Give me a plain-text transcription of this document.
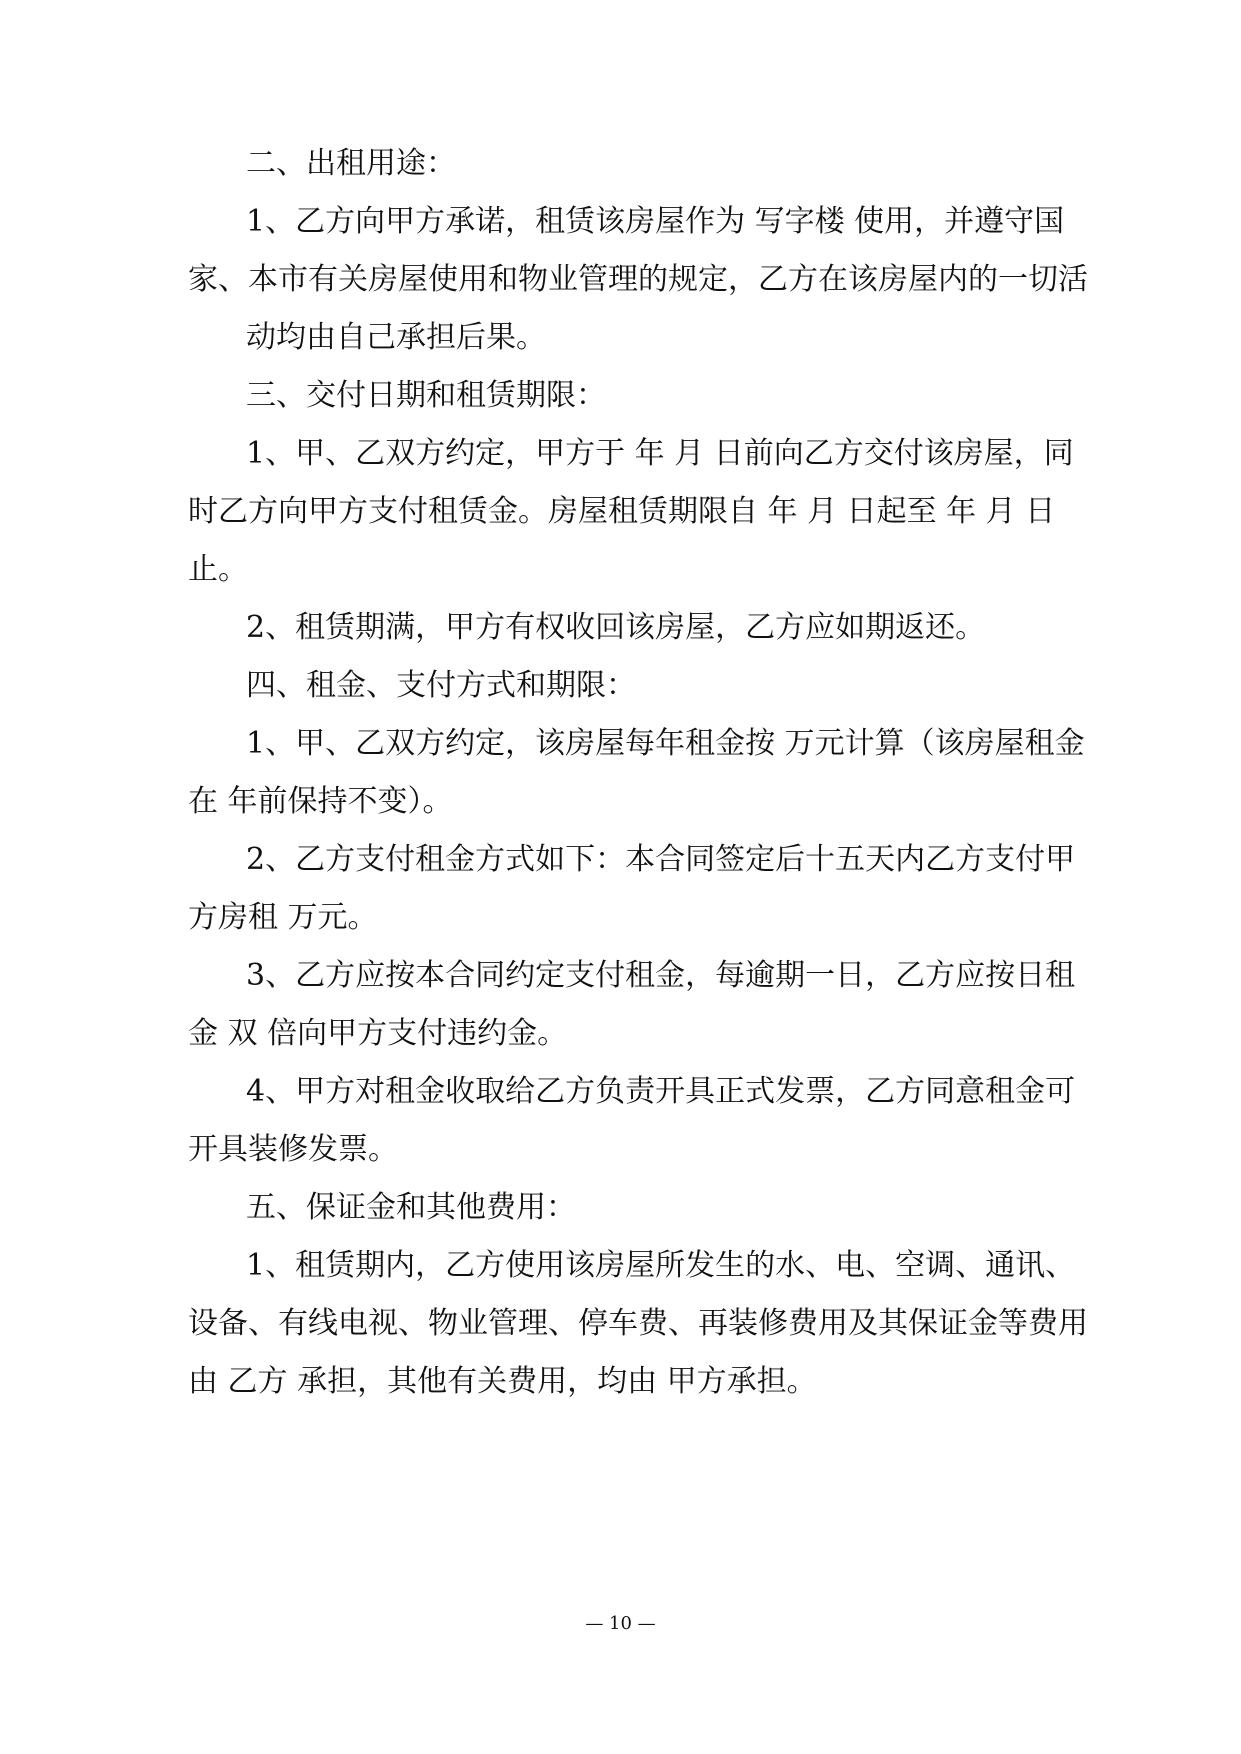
二、出租用途：
1、乙方向甲方承诺，租赁该房屋作为 写字楼 使用，并遵守国
家、本市有关房屋使用和物业管理的规定，乙方在该房屋内的一切活
动均由自己承担后果。
三、交付日期和租赁期限：
1、甲、乙双方约定，甲方于 年 月 日前向乙方交付该房屋，同
时乙方向甲方支付租赁金。房屋租赁期限自 年 月 日起至 年 月 日
止。
2、租赁期满，甲方有权收回该房屋，乙方应如期返还。
四、租金、支付方式和期限：
1、甲、乙双方约定，该房屋每年租金按 万元计算（该房屋租金
在 年前保持不变）。
2、乙方支付租金方式如下：本合同签定后十五天内乙方支付甲
方房租 万元。
3、乙方应按本合同约定支付租金，每逾期一日，乙方应按日租
金 双 倍向甲方支付违约金。
4、甲方对租金收取给乙方负责开具正式发票，乙方同意租金可
开具装修发票。
五、保证金和其他费用：
1、租赁期内，乙方使用该房屋所发生的水、电、空调、通讯、
设备、有线电视、物业管理、停车费、再装修费用及其保证金等费用
由 乙方 承担，其他有关费用，均由 甲方承担。
— 10 —
